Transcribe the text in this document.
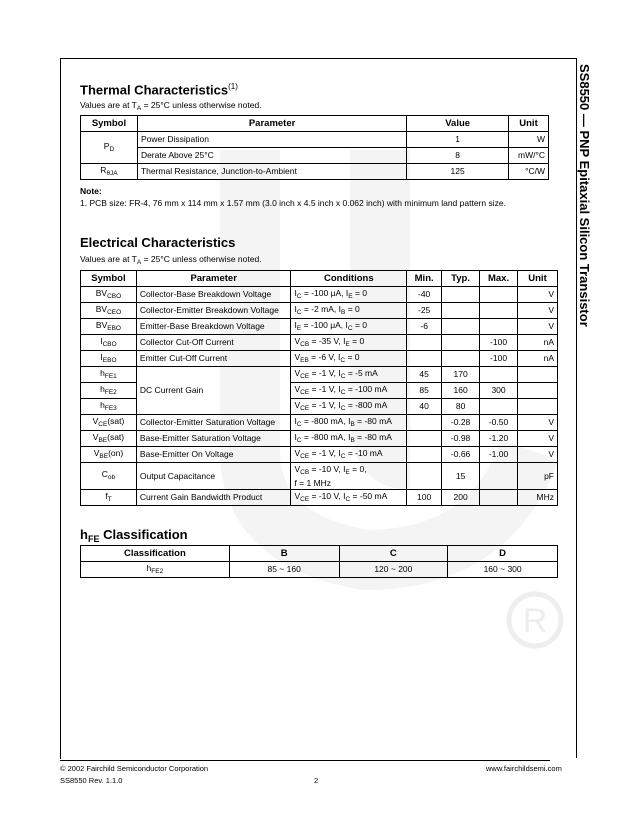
R
SS8550 — PNP Epitaxial Silicon Transistor
Thermal Characteristics$^{(1)}$
Values are at $T_A = 25^\circ C$ unless otherwise noted.
Symbol	Parameter	Value	Unit
$P_D$	Power Dissipation	1	W
	Derate Above 25°C	8	mW/°C
$R_{\theta JA}$	Thermal Resistance, Junction-to-Ambient	125	°C/W
Note:
1. PCB size: FR-4, 76 mm x 114 mm x 1.57 mm (3.0 inch x 4.5 inch x 0.062 inch) with minimum land pattern size.
Electrical Characteristics
Values are at $T_A = 25^\circ C$ unless otherwise noted.
Symbol	Parameter	Conditions	Min.	Typ.	Max.	Unit
$BV_{CBO}$	Collector-Base Breakdown Voltage	$I_C = -100$ μA, $I_E = 0$	-40			V
$BV_{CEO}$	Collector-Emitter Breakdown Voltage	$I_C = -2$ mA, $I_B = 0$	-25			V
$BV_{EBO}$	Emitter-Base Breakdown Voltage	$I_E = -100$ μA, $I_C = 0$	-6			V
$I_{CBO}$	Collector Cut-Off Current	$V_{CB} = -35$ V, $I_E = 0$			-100	nA
$I_{EBO}$	Emitter Cut-Off Current	$V_{EB} = -6$ V, $I_C = 0$			-100	nA
$h_{FE1}$	DC Current Gain	$V_{CE} = -1$ V, $I_C = -5$ mA	45	170		
$h_{FE2}$		$V_{CE} = -1$ V, $I_C = -100$ mA	85	160	300	
$h_{FE3}$		$V_{CE} = -1$ V, $I_C = -800$ mA	40	80		
$V_{CE}(sat)$	Collector-Emitter Saturation Voltage	$I_C = -800$ mA, $I_B = -80$ mA		-0.28	-0.50	V
$V_{BE}(sat)$	Base-Emitter Saturation Voltage	$I_C = -800$ mA, $I_B = -80$ mA		-0.98	-1.20	V
$V_{BE}(on)$	Base-Emitter On Voltage	$V_{CE} = -1$ V, $I_C = -10$ mA		-0.66	-1.00	V
$C_{ob}$	Output Capacitance	$V_{CB} = -10$ V, $I_E = 0$,
f = 1 MHz		15		pF
$f_T$	Current Gain Bandwidth Product	$V_{CE} = -10$ V, $I_C = -50$ mA	100	200		MHz
$h_{FE}$ Classification
Classification	B	C	D
$h_{FE2}$	85 ~ 160	120 ~ 200	160 ~ 300
© 2002 Fairchild Semiconductor Corporation
SS8550 Rev. 1.1.0	2
www.fairchildsemi.com
